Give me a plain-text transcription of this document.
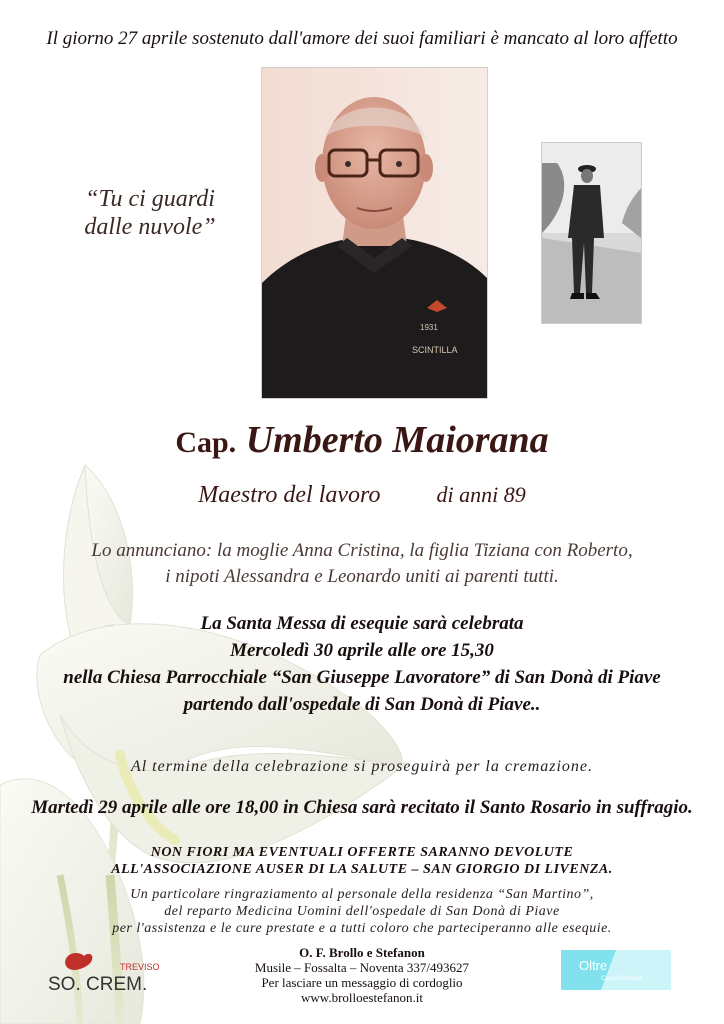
Il giorno 27 aprile sostenuto dall'amore dei suoi familiari è mancato al loro affetto
“Tu ci guardi
dalle nuvole”
1931
SCINTILLA
Cap. Umberto Maiorana
Maestro del lavoro	di anni 89
Lo annunciano: la moglie Anna Cristina, la figlia Tiziana con Roberto,
i nipoti Alessandra e Leonardo uniti ai parenti tutti.
La Santa Messa di esequie sarà celebrata
Mercoledì 30 aprile alle ore 15,30
nella Chiesa Parrocchiale “San Giuseppe Lavoratore” di San Donà di Piave
partendo dall'ospedale di San Donà di Piave..
Al termine della celebrazione si proseguirà per la cremazione.
Martedì 29 aprile alle ore 18,00 in Chiesa sarà recitato il Santo Rosario in suffragio.
NON FIORI MA EVENTUALI OFFERTE SARANNO DEVOLUTE
ALL'ASSOCIAZIONE AUSER DI LA SALUTE – SAN GIORGIO DI LIVENZA.
Un particolare ringraziamento al personale della residenza “San Martino”,
del reparto Medicina Uomini dell'ospedale di San Donà di Piave
per l'assistenza e le cure prestate e a tutti coloro che parteciperanno alle esequie.
O. F. Brollo e Stefanon
Musile – Fossalta – Noventa 337/493627
Per lasciare un messaggio di cordoglio
www.brolloestefanon.it
TREVISO
SO. CREM.
Oltre
Casa Funeraria
